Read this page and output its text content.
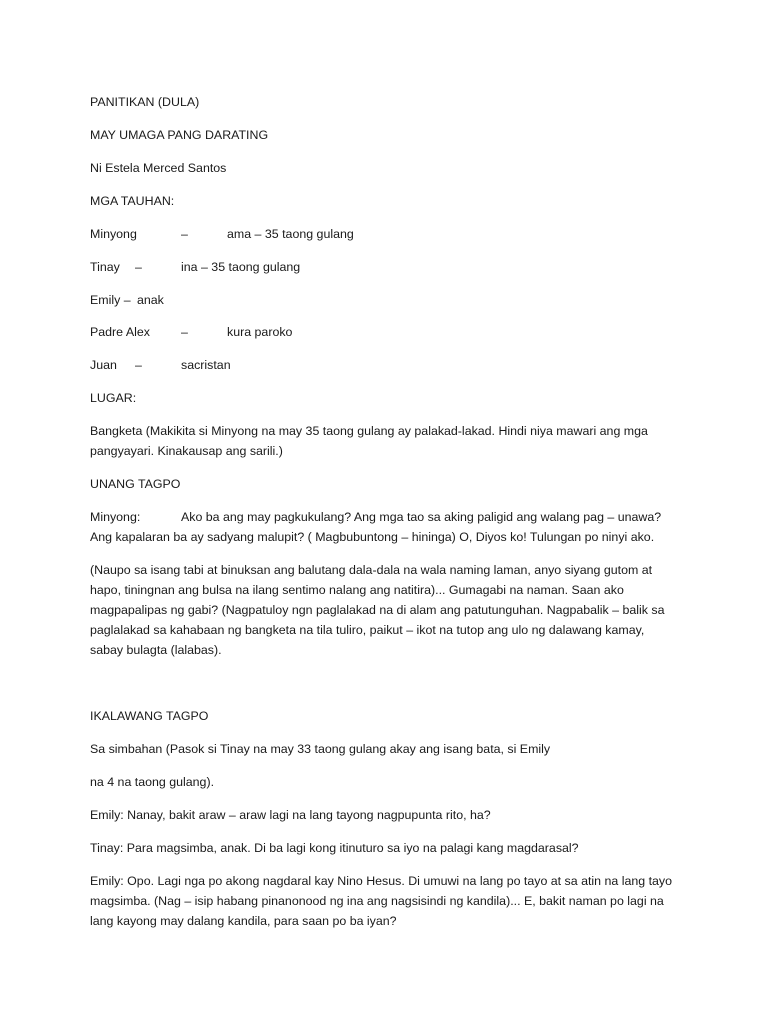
PANITIKAN (DULA)

MAY UMAGA PANG DARATING

Ni Estela Merced Santos

MGA TAUHAN:

Minyong	–	ama – 35 taong gulang
Tinay –	ina – 35 taong gulang
Emily – anak
Padre Alex	–	kura paroko
Juan –	sacristan

LUGAR:

Bangketa (Makikita si Minyong na may 35 taong gulang ay palakad-lakad. Hindi niya mawari ang mga

pangyayari. Kinakausap ang sarili.)

UNANG TAGPO

Minyong:	Ako ba ang may pagkukulang? Ang mga tao sa aking paligid ang walang pag – unawa?

Ang kapalaran ba ay sadyang malupit? ( Magbubuntong – hininga) O, Diyos ko! Tulungan po ninyi ako.

(Naupo sa isang tabi at binuksan ang balutang dala-dala na wala naming laman, anyo siyang gutom at

hapo, tiningnan ang bulsa na ilang sentimo nalang ang natitira)... Gumagabi na naman. Saan ako

magpapalipas ng gabi? (Nagpatuloy ngn paglalakad na di alam ang patutunguhan. Nagpabalik – balik sa

paglalakad sa kahabaan ng bangketa na tila tuliro, paikut – ikot na tutop ang ulo ng dalawang kamay,

sabay bulagta (lalabas).

IKALAWANG TAGPO

Sa simbahan (Pasok si Tinay na may 33 taong gulang akay ang isang bata, si Emily

na 4 na taong gulang).

Emily: Nanay, bakit araw – araw lagi na lang tayong nagpupunta rito, ha?

Tinay: Para magsimba, anak. Di ba lagi kong itinuturo sa iyo na palagi kang magdarasal?

Emily: Opo. Lagi nga po akong nagdaral kay Nino Hesus. Di umuwi na lang po tayo at sa atin na lang tayo

magsimba. (Nag – isip habang pinanonood ng ina ang nagsisindi ng kandila)... E, bakit naman po lagi na

lang kayong may dalang kandila, para saan po ba iyan?
